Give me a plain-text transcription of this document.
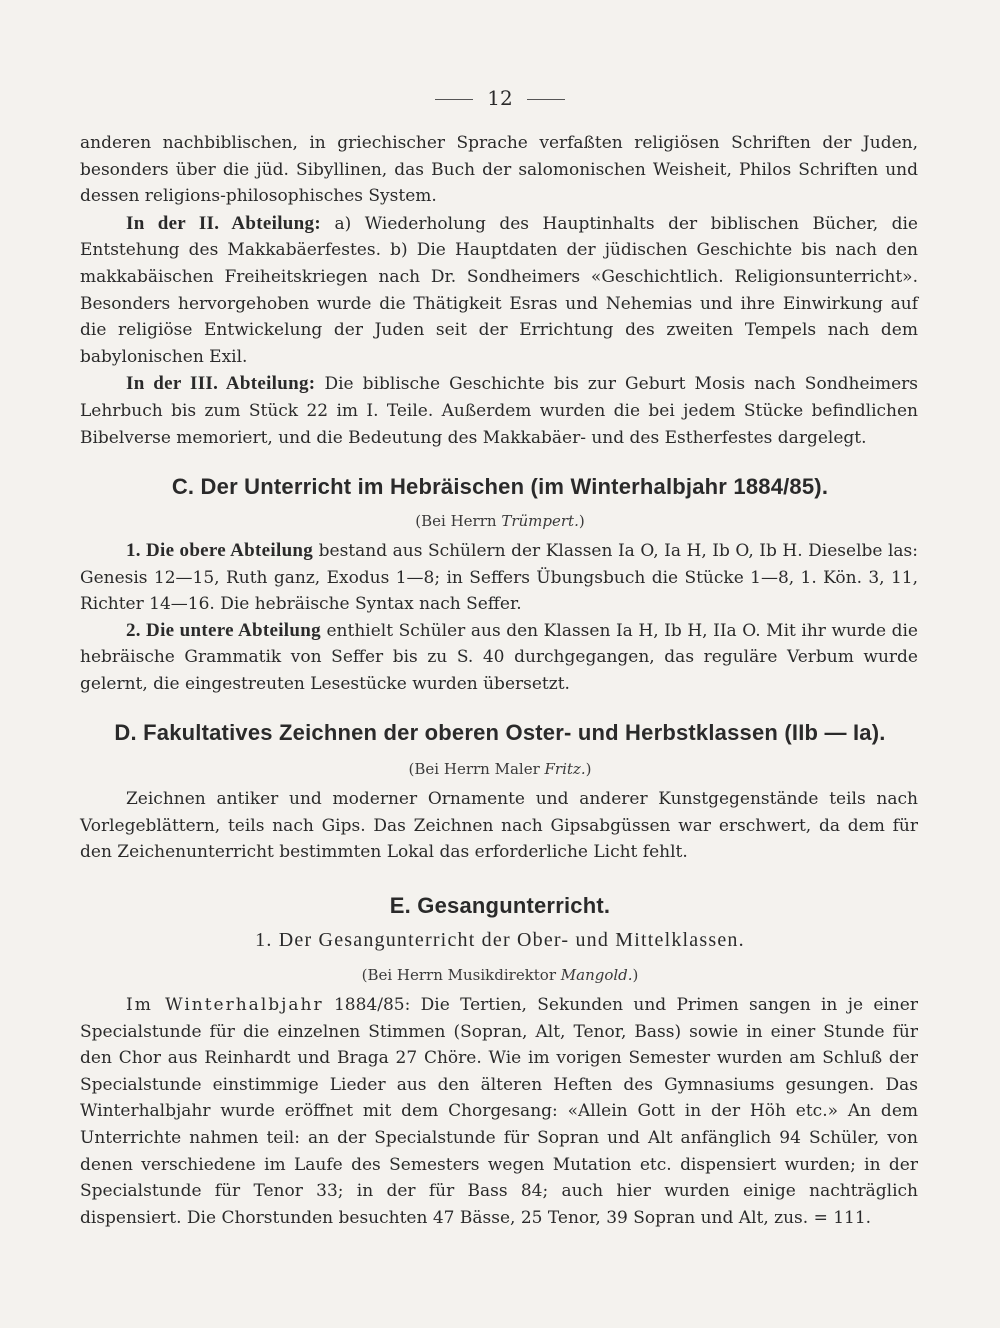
12

anderen nachbiblischen, in griechischer Sprache verfaßten religiösen Schriften der Juden, besonders über die jüd. Sibyllinen, das Buch der salomonischen Weisheit, Philos Schriften und dessen religions-philosophisches System.

In der II. Abteilung: a) Wiederholung des Hauptinhalts der biblischen Bücher, die Entstehung des Makkabäerfestes. b) Die Hauptdaten der jüdischen Geschichte bis nach den makkabäischen Freiheitskriegen nach Dr. Sondheimers «Geschichtlich. Religionsunterricht». Besonders hervorgehoben wurde die Thätigkeit Esras und Nehemias und ihre Einwirkung auf die religiöse Entwickelung der Juden seit der Errichtung des zweiten Tempels nach dem babylonischen Exil.

In der III. Abteilung: Die biblische Geschichte bis zur Geburt Mosis nach Sondheimers Lehrbuch bis zum Stück 22 im I. Teile. Außerdem wurden die bei jedem Stücke befindlichen Bibelverse memoriert, und die Bedeutung des Makkabäer- und des Estherfestes dargelegt.

C. Der Unterricht im Hebräischen (im Winterhalbjahr 1884/85).
(Bei Herrn Trümpert.)

1. Die obere Abteilung bestand aus Schülern der Klassen Ia O, Ia H, Ib O, Ib H. Dieselbe las: Genesis 12—15, Ruth ganz, Exodus 1—8; in Seffers Übungsbuch die Stücke 1—8, 1. Kön. 3, 11, Richter 14—16. Die hebräische Syntax nach Seffer.

2. Die untere Abteilung enthielt Schüler aus den Klassen Ia H, Ib H, IIa O. Mit ihr wurde die hebräische Grammatik von Seffer bis zu S. 40 durchgegangen, das reguläre Verbum wurde gelernt, die eingestreuten Lesestücke wurden übersetzt.

D. Fakultatives Zeichnen der oberen Oster- und Herbstklassen (IIb — Ia).
(Bei Herrn Maler Fritz.)

Zeichnen antiker und moderner Ornamente und anderer Kunstgegenstände teils nach Vorlegeblättern, teils nach Gips. Das Zeichnen nach Gipsabgüssen war erschwert, da dem für den Zeichenunterricht bestimmten Lokal das erforderliche Licht fehlt.

E. Gesangunterricht.
1. Der Gesangunterricht der Ober- und Mittelklassen.
(Bei Herrn Musikdirektor Mangold.)

Im Winterhalbjahr 1884/85: Die Tertien, Sekunden und Primen sangen in je einer Specialstunde für die einzelnen Stimmen (Sopran, Alt, Tenor, Bass) sowie in einer Stunde für den Chor aus Reinhardt und Braga 27 Chöre. Wie im vorigen Semester wurden am Schluß der Specialstunde einstimmige Lieder aus den älteren Heften des Gymnasiums gesungen. Das Winterhalbjahr wurde eröffnet mit dem Chorgesang: «Allein Gott in der Höh etc.» An dem Unterrichte nahmen teil: an der Specialstunde für Sopran und Alt anfänglich 94 Schüler, von denen verschiedene im Laufe des Semesters wegen Mutation etc. dispensiert wurden; in der Specialstunde für Tenor 33; in der für Bass 84; auch hier wurden einige nachträglich dispensiert. Die Chorstunden besuchten 47 Bässe, 25 Tenor, 39 Sopran und Alt, zus. = 111.
